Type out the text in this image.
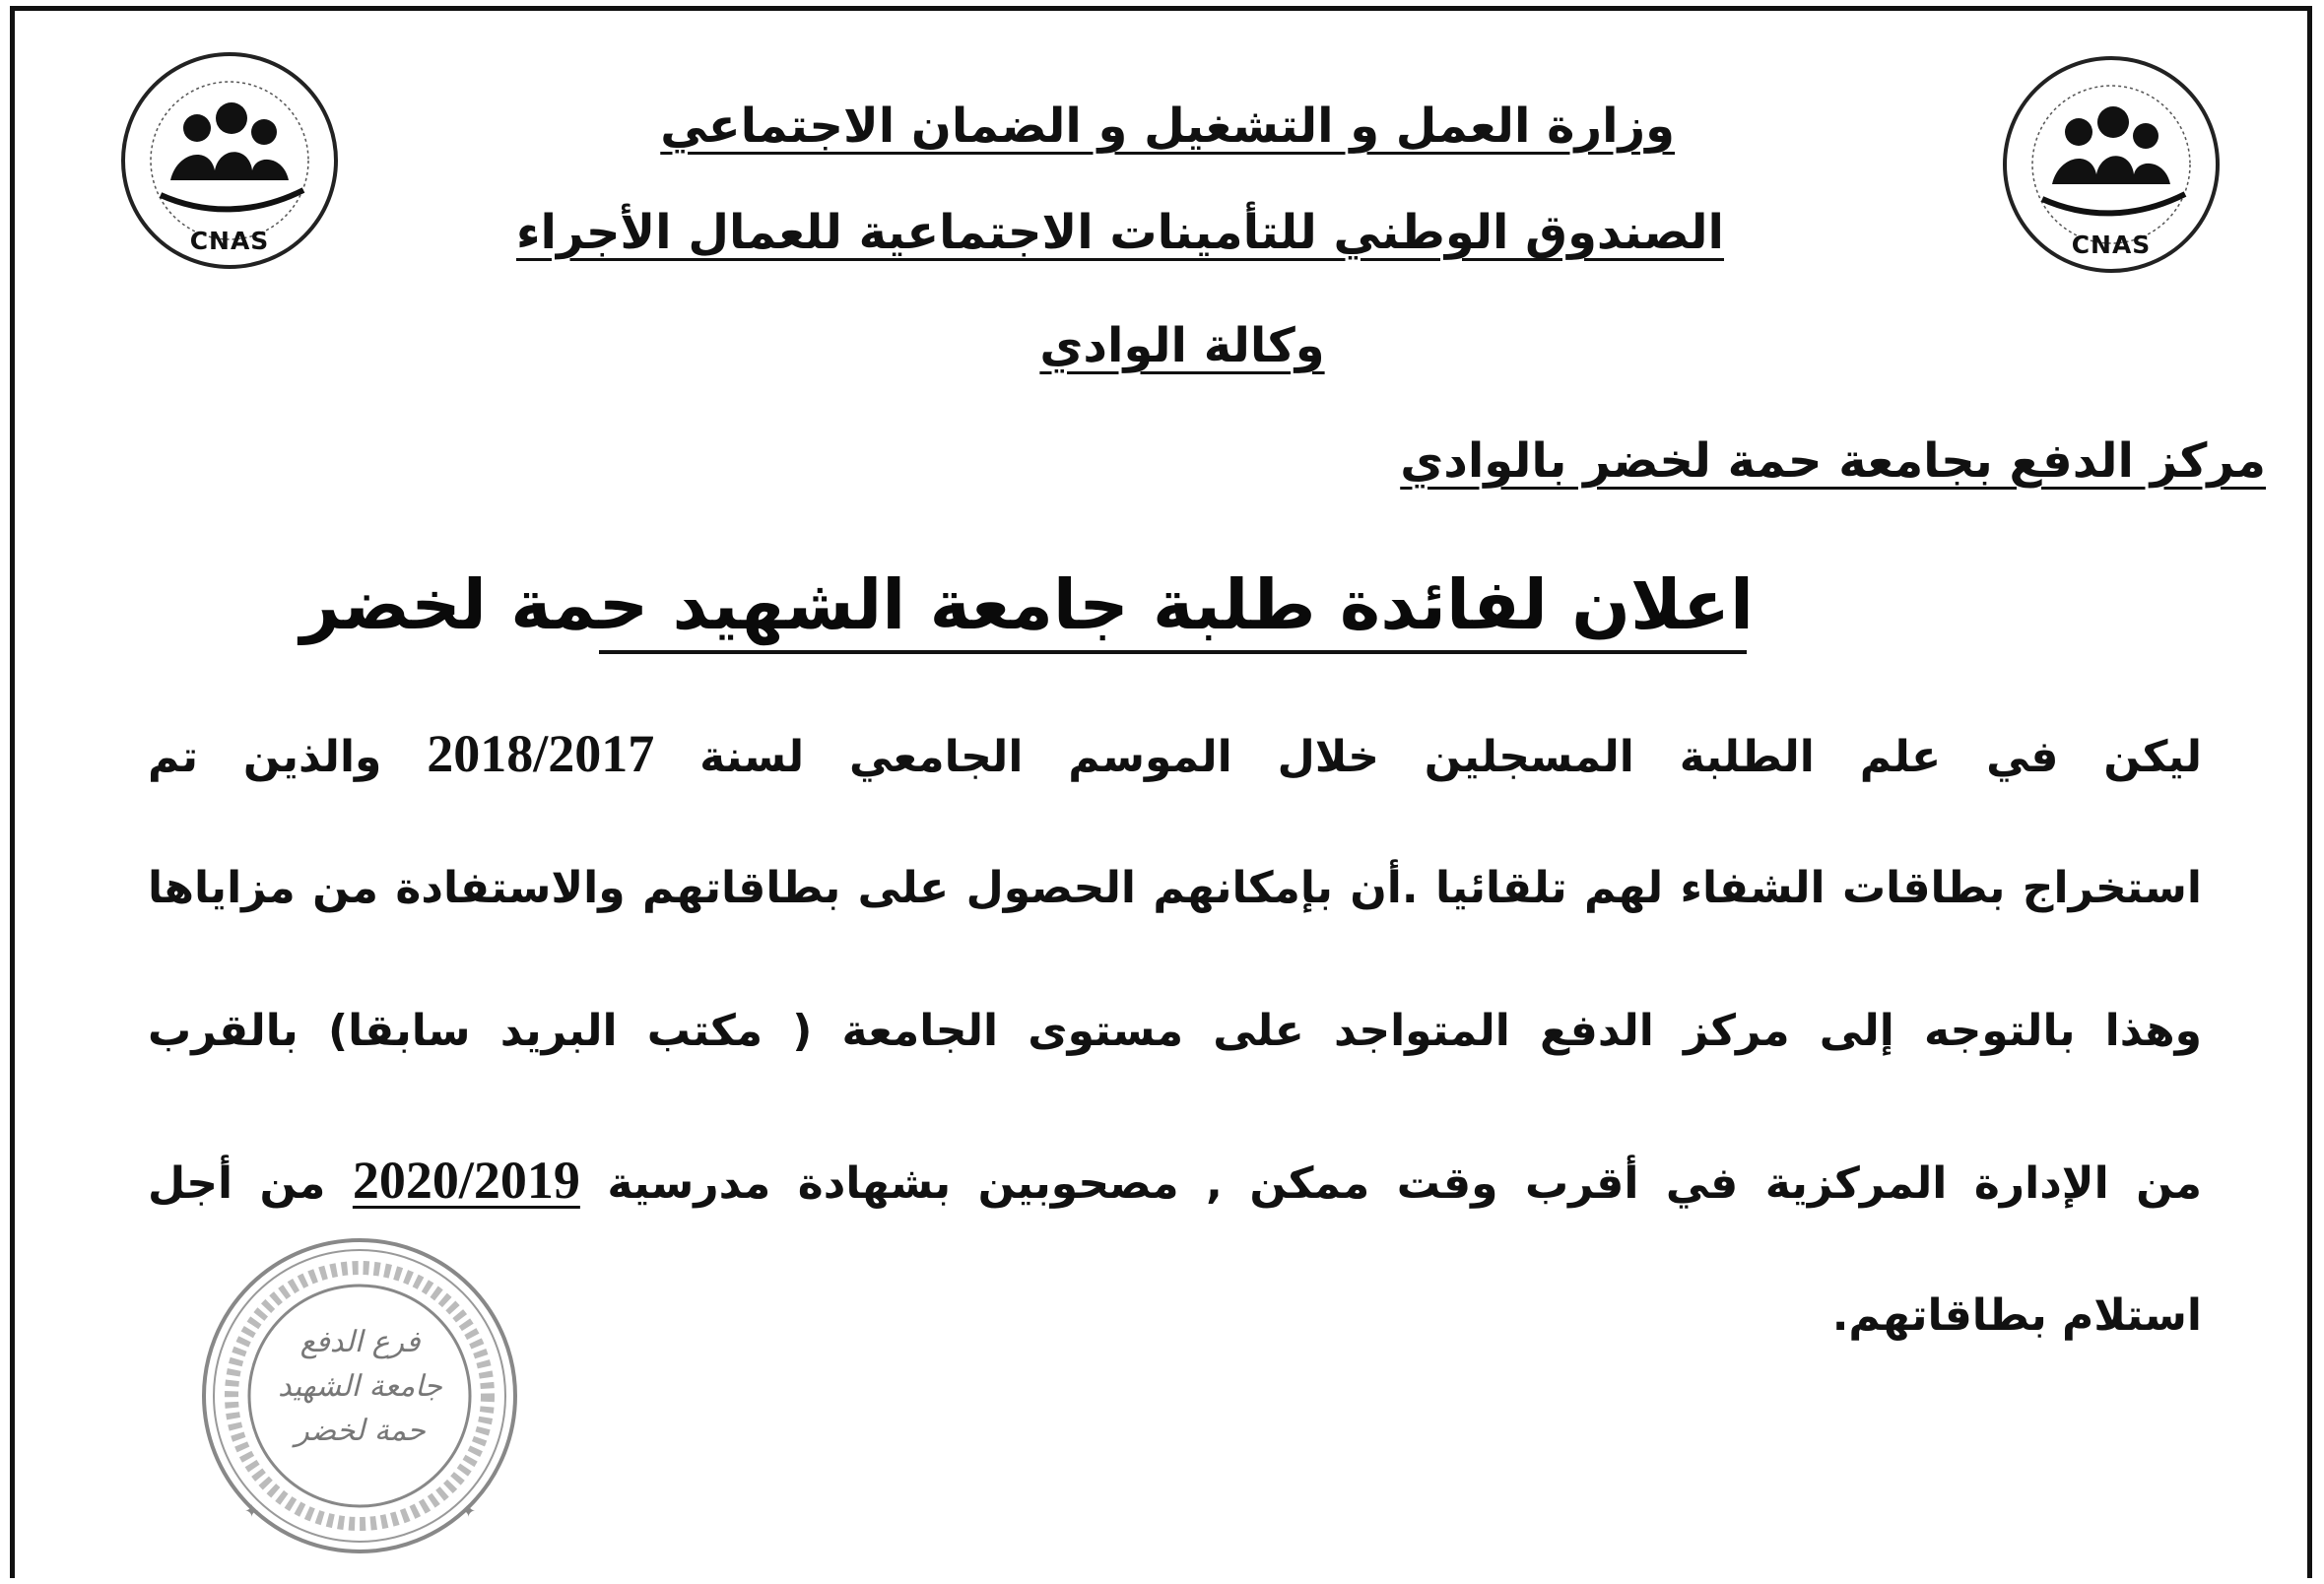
CNAS	CNAS
وزارة العمل و التشغيل و الضمان الاجتماعي
الصندوق الوطني للتأمينات الاجتماعية للعمال الأجراء
وكالة الوادي
مركز الدفع بجامعة حمة لخضر بالوادي
اعلان لفائدة طلبة جامعة الشهيد حمة لخضر
ليكن في علم الطلبة المسجلين خلال الموسم الجامعي لسنة 2018/2017 والذين تم
استخراج بطاقات الشفاء لهم تلقائيا .أن بإمكانهم الحصول على بطاقاتهم والاستفادة من مزاياها
وهذا بالتوجه إلى مركز الدفع المتواجد على مستوى الجامعة ( مكتب البريد سابقا) بالقرب
من الإدارة المركزية في أقرب وقت ممكن , مصحوبين بشهادة مدرسية 2020/2019 من أجل
استلام بطاقاتهم.
✦	✦
فرع الدفع
جامعة الشهيد
حمة لخضر
